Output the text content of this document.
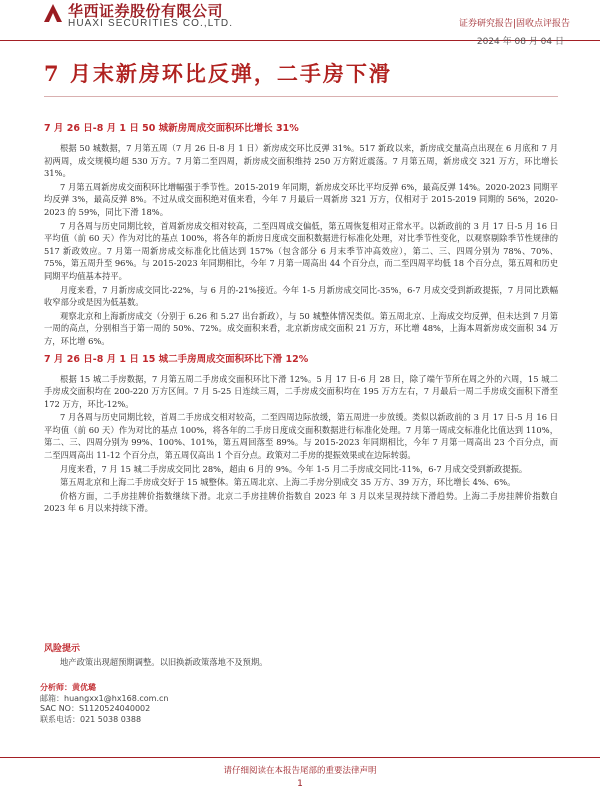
华西证券股份有限公司
HUAXI SECURITIES CO.,LTD.	证券研究报告|固收点评报告
2024 年 08 月 04 日
7 月末新房环比反弹，二手房下滑
7 月 26 日-8 月 1 日 50 城新房周成交面积环比增长 31%

根据 50 城数据，7 月第五周（7 月 26 日-8 月 1 日）新房成交环比反弹 31%。517 新政以来，新房成交量高点出现在 6 月底和 7 月初两周，成交规模均超 530 万方。7 月第二至四周，新房成交面积维持 250 万方附近震荡。7 月第五周，新房成交 321 万方，环比增长 31%。

7 月第五周新房成交面积环比增幅强于季节性。2015-2019 年同期，新房成交环比平均反弹 6%，最高反弹 14%。2020-2023 同期平均反弹 3%，最高反弹 8%。不过从成交面积绝对值来看，今年 7 月最后一周新房 321 万方，仅相对于 2015-2019 同期的 56%，2020-2023 的 59%，同比下滑 18%。

7 月各周与历史同期比较，首周新房成交相对较高，二至四周成交偏低，第五周恢复相对正常水平。以新政前的 3 月 17 日-5 月 16 日平均值（前 60 天）作为对比的基点 100%，将各年的新房日度成交面积数据进行标准化处理，对比季节性变化，以观察剔除季节性规律的 517 新政效应。7 月第一周新房成交标准化比值达到 157%（包含部分 6 月末季节冲高效应），第二、三、四周分别为 78%、70%、75%，第五周升至 96%。与 2015-2023 年同期相比，今年 7 月第一周高出 44 个百分点，而二至四周平均低 18 个百分点，第五周和历史同期平均值基本持平。

月度来看，7 月新房成交同比-22%，与 6 月的-21%接近。今年 1-5 月新房成交同比-35%，6-7 月成交受到新政提振，7 月同比跌幅收窄部分或是因为低基数。

观察北京和上海新房成交（分别于 6.26 和 5.27 出台新政），与 50 城整体情况类似。第五周北京、上海成交均反弹，但未达到 7 月第一周的高点，分别相当于第一周的 50%、72%。成交面积来看，北京新房成交面积 21 万方，环比增 48%，上海本周新房成交面积 34 万方，环比增 6%。

7 月 26 日-8 月 1 日 15 城二手房周成交面积环比下滑 12%

根据 15 城二手房数据，7 月第五周二手房成交面积环比下滑 12%。5 月 17 日-6 月 28 日，除了端午节所在周之外的六周，15 城二手房成交面积均在 200-220 万方区间。7 月 5-25 日连续三周，二手房成交面积均在 195 万方左右，7 月最后一周二手房成交面积下滑至 172 万方，环比-12%。

7 月各周与历史同期比较，首周二手房成交相对较高，二至四周边际放缓，第五周进一步放缓。类似以新政前的 3 月 17 日-5 月 16 日平均值（前 60 天）作为对比的基点 100%，将各年的二手房日度成交面积数据进行标准化处理。7 月第一周成交标准化比值达到 110%，第二、三、四周分别为 99%、100%、101%，第五周回落至 89%。与 2015-2023 年同期相比，今年 7 月第一周高出 23 个百分点，而二至四周高出 11-12 个百分点，第五周仅高出 1 个百分点。政策对二手房的提振效果或在边际转弱。

月度来看，7 月 15 城二手房成交同比 28%，超由 6 月的 9%。今年 1-5 月二手房成交同比-11%，6-7 月成交受到新政提振。

第五周北京和上海二手房成交好于 15 城整体。第五周北京、上海二手房分别成交 35 万方、39 万方，环比增长 4%、6%。

价格方面，二手房挂牌价指数继续下滑。北京二手房挂牌价指数自 2023 年 3 月以来呈现持续下滑趋势。上海二手房挂牌价指数自 2023 年 6 月以来持续下滑。

风险提示
地产政策出现超预期调整。以旧换新政策落地不及预期。
分析师：黄优璐
邮箱：huangxx1@hx168.com.cn
SAC NO：S1120524040002
联系电话：021 5038 0388
请仔细阅读在本报告尾部的重要法律声明
1
